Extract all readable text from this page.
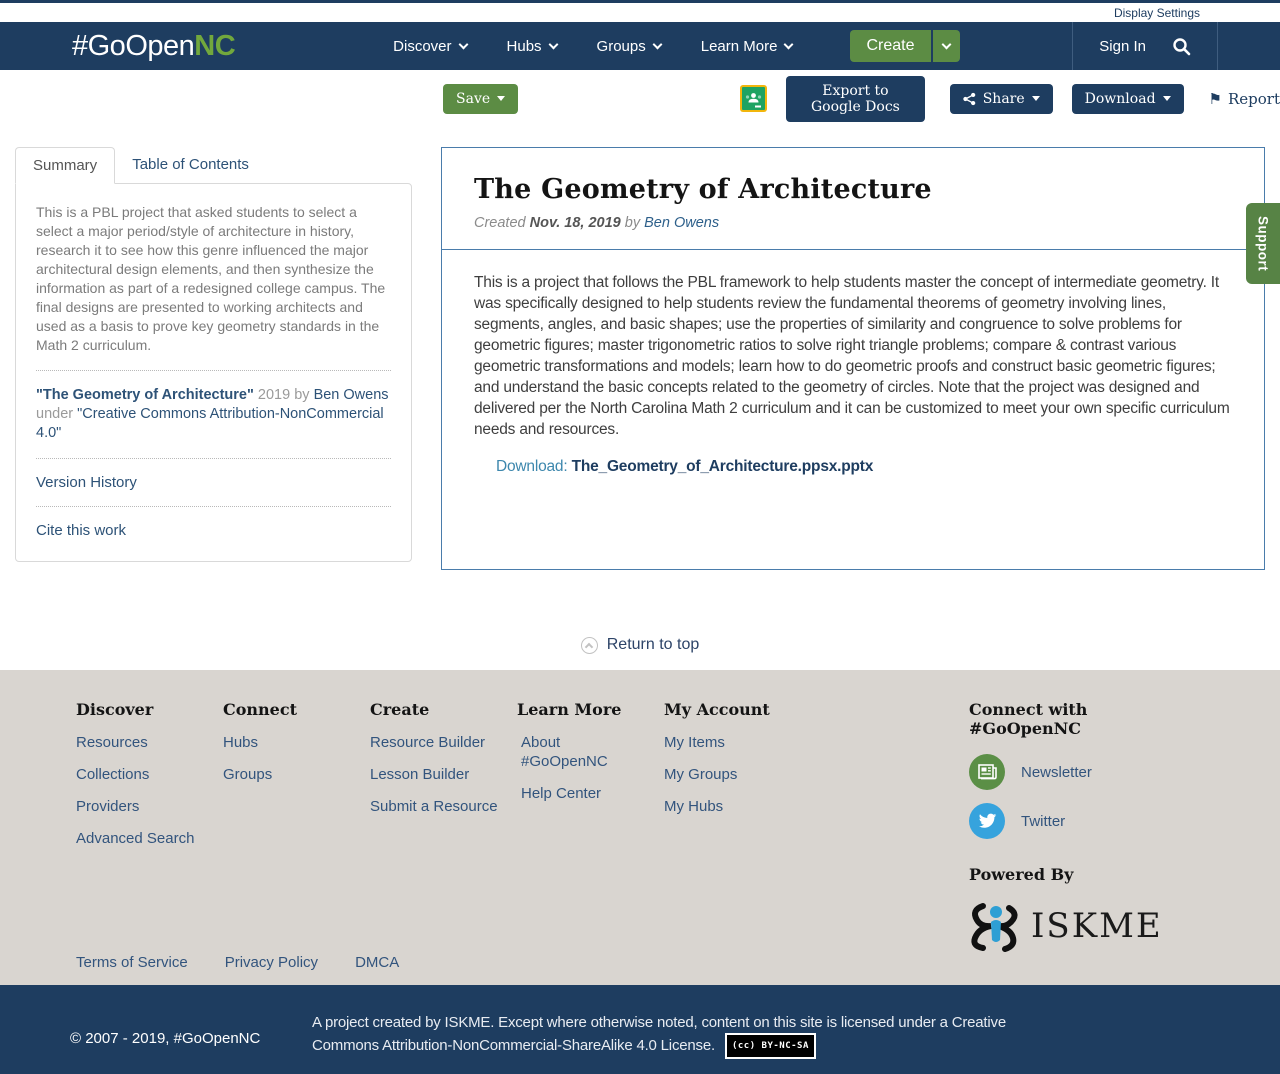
Display Settings
#GoOpenNC	Discover	Hubs	Groups	Learn More	Create	Sign In
Save	Export to Google Docs	Share	Download	⚑ Report
Summary	Table of Contents

This is a PBL project that asked students to select a select a major period/style of architecture in history, research it to see how this genre influenced the major architectural design elements, and then synthesize the information as part of a redesigned college campus. The final designs are presented to working architects and used as a basis to prove key geometry standards in the Math 2 curriculum.

"The Geometry of Architecture" 2019 by Ben Owens
under "Creative Commons Attribution-NonCommercial 4.0"

Version History
Cite this work
The Geometry of Architecture

Created Nov. 18, 2019 by Ben Owens

This is a project that follows the PBL framework to help students master the concept of intermediate geometry. It was specifically designed to help students review the fundamental theorems of geometry involving lines, segments, angles, and basic shapes; use the properties of similarity and congruence to solve problems for geometric figures; master trigonometric ratios to solve right triangle problems; compare & contrast various geometric transformations and models; learn how to do geometric proofs and construct basic geometric figures; and understand the basic concepts related to the geometry of circles. Note that the project was designed and delivered per the North Carolina Math 2 curriculum and it can be customized to meet your own specific curriculum needs and resources.

Download: The_Geometry_of_Architecture.ppsx.pptx

Support
Return to top
Discover
Resources
Collections
Providers
Advanced Search
Connect
Hubs
Groups
Create
Resource Builder
Lesson Builder
Submit a Resource
Learn More
About #GoOpenNC
Help Center
My Account
My Items
My Groups
My Hubs
Connect with #GoOpenNC
Newsletter
Twitter
Powered By
ISKME
Terms of Service Privacy Policy DMCA
© 2007 - 2019, #GoOpenNC
A project created by ISKME. Except where otherwise noted, content on this site is licensed under a Creative Commons Attribution-NonCommercial-ShareAlike 4.0 License. (cc) BY-NC-SA
